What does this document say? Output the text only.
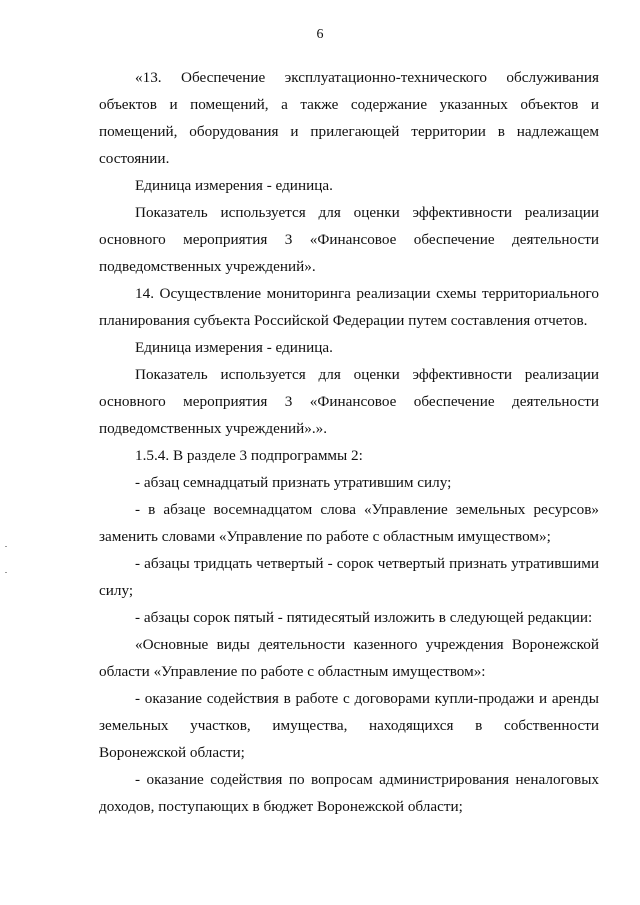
6

«13. Обеспечение эксплуатационно-технического обслуживания объектов и помещений, а также содержание указанных объектов и помещений, оборудования и прилегающей территории в надлежащем состоянии.

Единица измерения - единица.

Показатель используется для оценки эффективности реализации основного мероприятия 3 «Финансовое обеспечение деятельности подведомственных учреждений».

14. Осуществление мониторинга реализации схемы территориального планирования субъекта Российской Федерации путем составления отчетов.

Единица измерения - единица.

Показатель используется для оценки эффективности реализации основного мероприятия 3 «Финансовое обеспечение деятельности подведомственных учреждений».».

1.5.4. В разделе 3 подпрограммы 2:

- абзац семнадцатый признать утратившим силу;

- в абзаце восемнадцатом слова «Управление земельных ресурсов» заменить словами «Управление по работе с областным имуществом»;

- абзацы тридцать четвертый - сорок четвертый признать утратившими силу;

- абзацы сорок пятый - пятидесятый изложить в следующей редакции:

«Основные виды деятельности казенного учреждения Воронежской области «Управление по работе с областным имуществом»:

- оказание содействия в работе с договорами купли-продажи и аренды земельных участков, имущества, находящихся в собственности Воронежской области;

- оказание содействия по вопросам администрирования неналоговых доходов, поступающих в бюджет Воронежской области;
